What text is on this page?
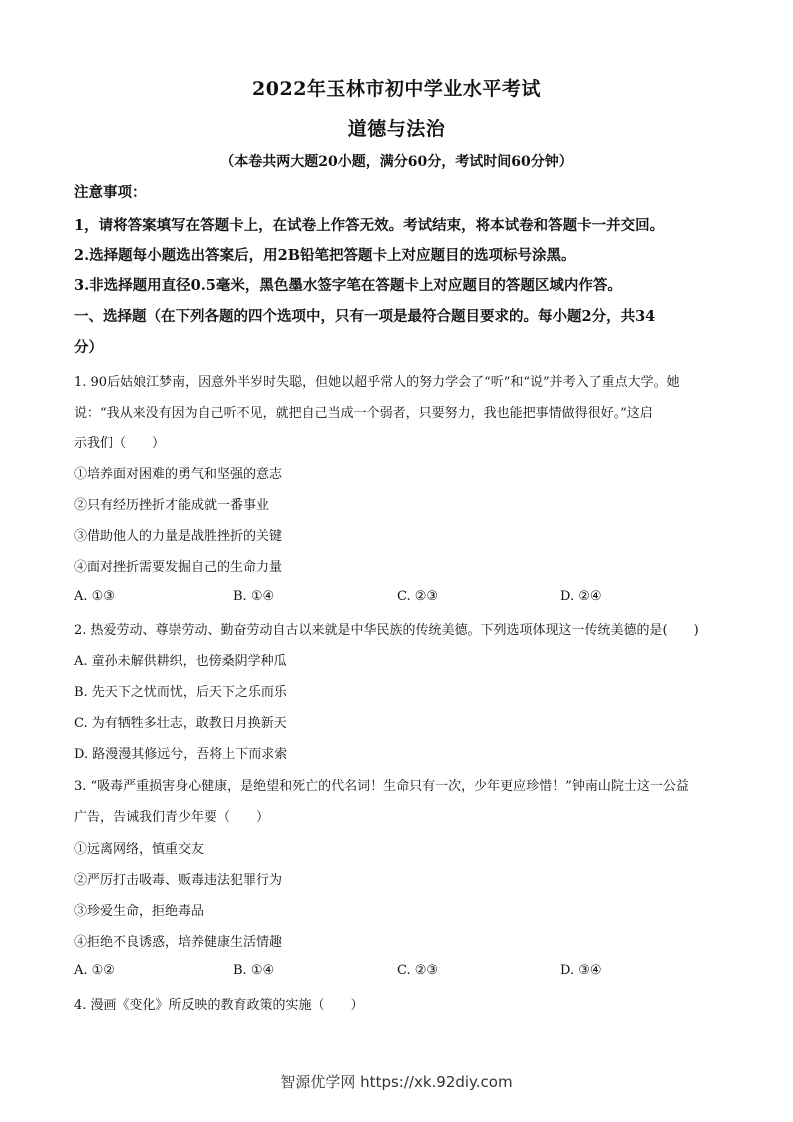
2022年玉林市初中学业水平考试
道德与法治
（本卷共两大题20小题，满分60分，考试时间60分钟）
注意事项：
1，请将答案填写在答题卡上，在试卷上作答无效。考试结束，将本试卷和答题卡一并交回。
2.选择题每小题选出答案后，用2B铅笔把答题卡上对应题目的选项标号涂黑。
3.非选择题用直径0.5毫米，黑色墨水签字笔在答题卡上对应题目的答题区域内作答。
一、选择题（在下列各题的四个选项中，只有一项是最符合题目要求的。每小题2分，共34
分）
1. 90后姑娘江梦南，因意外半岁时失聪，但她以超乎常人的努力学会了“听”和“说”并考入了重点大学。她
说：“我从来没有因为自己听不见，就把自己当成一个弱者，只要努力，我也能把事情做得很好。”这启
示我们（　　）
①培养面对困难的勇气和坚强的意志
②只有经历挫折才能成就一番事业
③借助他人的力量是战胜挫折的关键
④面对挫折需要发掘自己的生命力量
A. ①③	B. ①④	C. ②③	D. ②④
2. 热爱劳动、尊崇劳动、勤奋劳动自古以来就是中华民族的传统美德。下列选项体现这一传统美德的是(　　)
A. 童孙未解供耕织，也傍桑阴学种瓜
B. 先天下之忧而忧，后天下之乐而乐
C. 为有牺牲多壮志，敢教日月换新天
D. 路漫漫其修远兮，吾将上下而求索
3. “吸毒严重损害身心健康，是绝望和死亡的代名词！生命只有一次，少年更应珍惜！”钟南山院士这一公益
广告，告诫我们青少年要（　　）
①远离网络，慎重交友
②严厉打击吸毒、贩毒违法犯罪行为
③珍爱生命，拒绝毒品
④拒绝不良诱惑，培养健康生活情趣
A. ①②	B. ①④	C. ②③	D. ③④
4. 漫画《变化》所反映的教育政策的实施（　　）
智源优学网 https://xk.92diy.com
